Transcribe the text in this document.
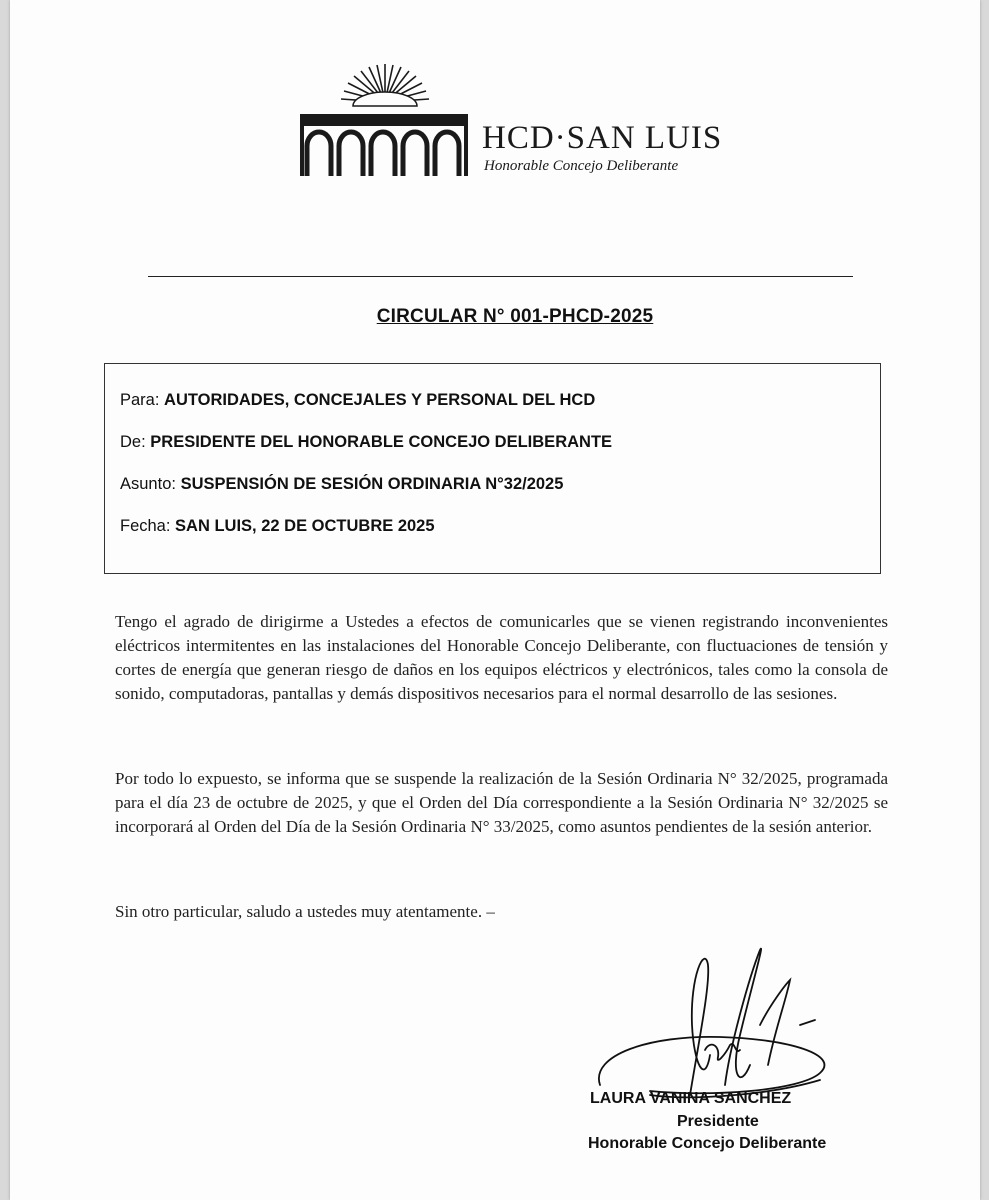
HCD·SAN LUIS
Honorable Concejo Deliberante
CIRCULAR N° 001-PHCD-2025
Para: AUTORIDADES, CONCEJALES Y PERSONAL DEL HCD
De: PRESIDENTE DEL HONORABLE CONCEJO DELIBERANTE
Asunto: SUSPENSIÓN DE SESIÓN ORDINARIA N°32/2025
Fecha: SAN LUIS, 22 DE OCTUBRE 2025
Tengo el agrado de dirigirme a Ustedes a efectos de comunicarles que se vienen registrando inconvenientes eléctricos intermitentes en las instalaciones del Honorable Concejo Deliberante, con fluctuaciones de tensión y cortes de energía que generan riesgo de daños en los equipos eléctricos y electrónicos, tales como la consola de sonido, computadoras, pantallas y demás dispositivos necesarios para el normal desarrollo de las sesiones.
Por todo lo expuesto, se informa que se suspende la realización de la Sesión Ordinaria N° 32/2025, programada para el día 23 de octubre de 2025, y que el Orden del Día correspondiente a la Sesión Ordinaria N° 32/2025 se incorporará al Orden del Día de la Sesión Ordinaria N° 33/2025, como asuntos pendientes de la sesión anterior.
Sin otro particular, saludo a ustedes muy atentamente. –
LAURA VANINA SANCHEZ
Presidente
Honorable Concejo Deliberante
